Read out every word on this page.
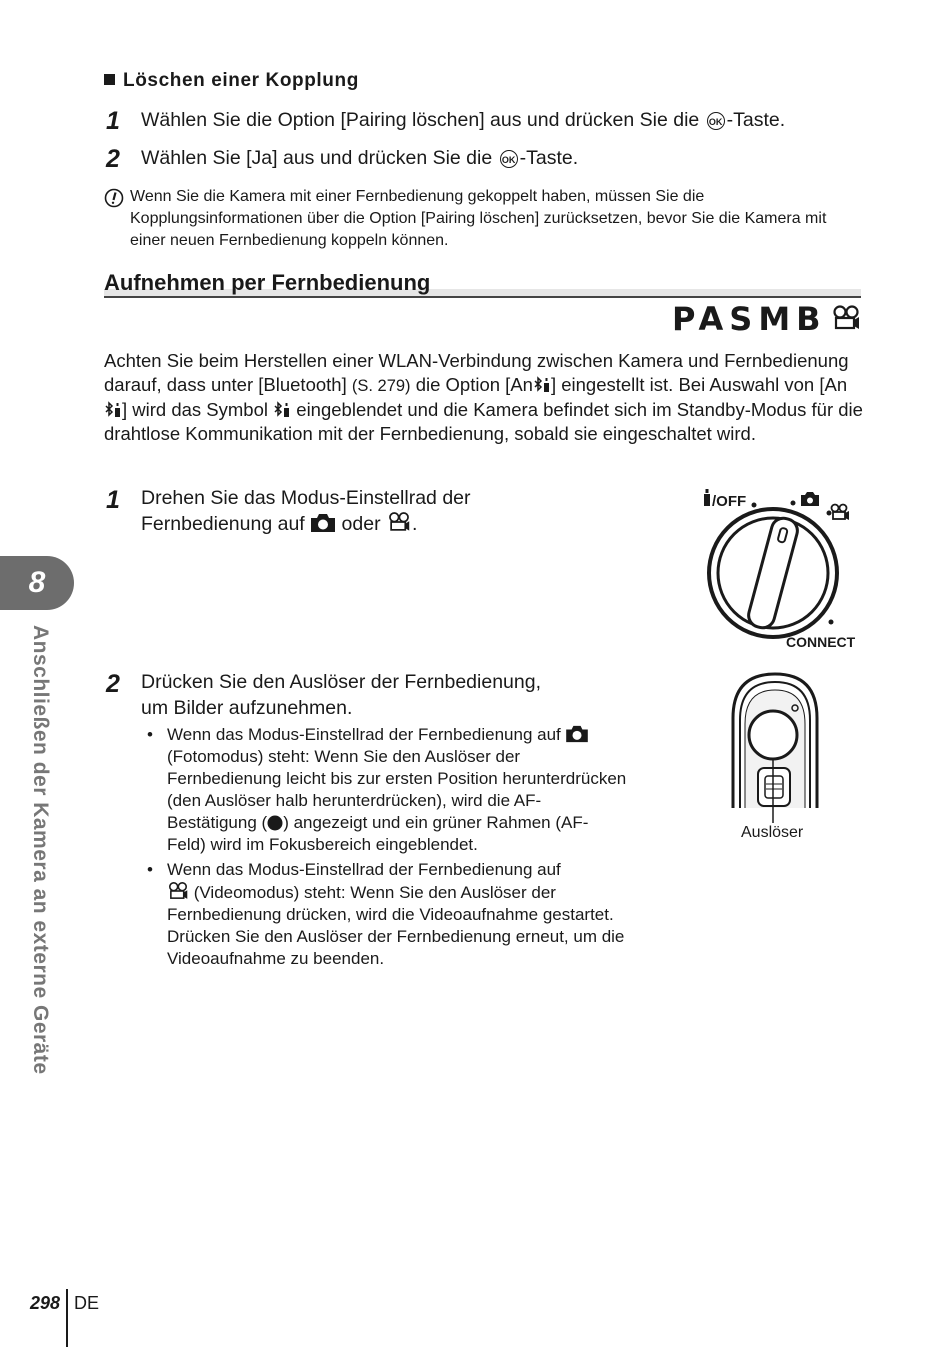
Löschen einer Kopplung
1 Wählen Sie die Option [Pairing löschen] aus und drücken Sie die OK -Taste.
2 Wählen Sie [Ja] aus und drücken Sie die OK -Taste.
Wenn Sie die Kamera mit einer Fernbedienung gekoppelt haben, müssen Sie die Kopplungsinformationen über die Option [Pairing löschen] zurücksetzen, bevor Sie die Kamera mit einer neuen Fernbedienung koppeln können.
Aufnehmen per Fernbedienung
PASMB
Achten Sie beim Herstellen einer WLAN-Verbindung zwischen Kamera und Fernbedienung darauf, dass unter [Bluetooth] (S. 279) die Option [An ] eingestellt ist. Bei Auswahl von [An] wird das Symbol  eingeblendet und die Kamera befindet sich im Standby-Modus für die drahtlose Kommunikation mit der Fernbedienung, sobald sie eingeschaltet wird.
1 Drehen Sie das Modus-Einstellrad der
Fernbedienung auf  oder .
/OFF
CONNECT
2 Drücken Sie den Auslöser der Fernbedienung,
um Bilder aufzunehmen.
• Wenn das Modus-Einstellrad der Fernbedienung auf  (Fotomodus) steht: Wenn Sie den Auslöser der Fernbedienung leicht bis zur ersten Position herunterdrücken (den Auslöser halb herunterdrücken), wird die AF-Bestätigung ( ) angezeigt und ein grüner Rahmen (AF-Feld) wird im Fokusbereich eingeblendet.
• Wenn das Modus-Einstellrad der Fernbedienung auf
(Videomodus) steht: Wenn Sie den Auslöser der Fernbedienung drücken, wird die Videoaufnahme gestartet. Drücken Sie den Auslöser der Fernbedienung erneut, um die Videoaufnahme zu beenden.
Auslöser
8
Anschließen der Kamera an externe Geräte
298 DE
